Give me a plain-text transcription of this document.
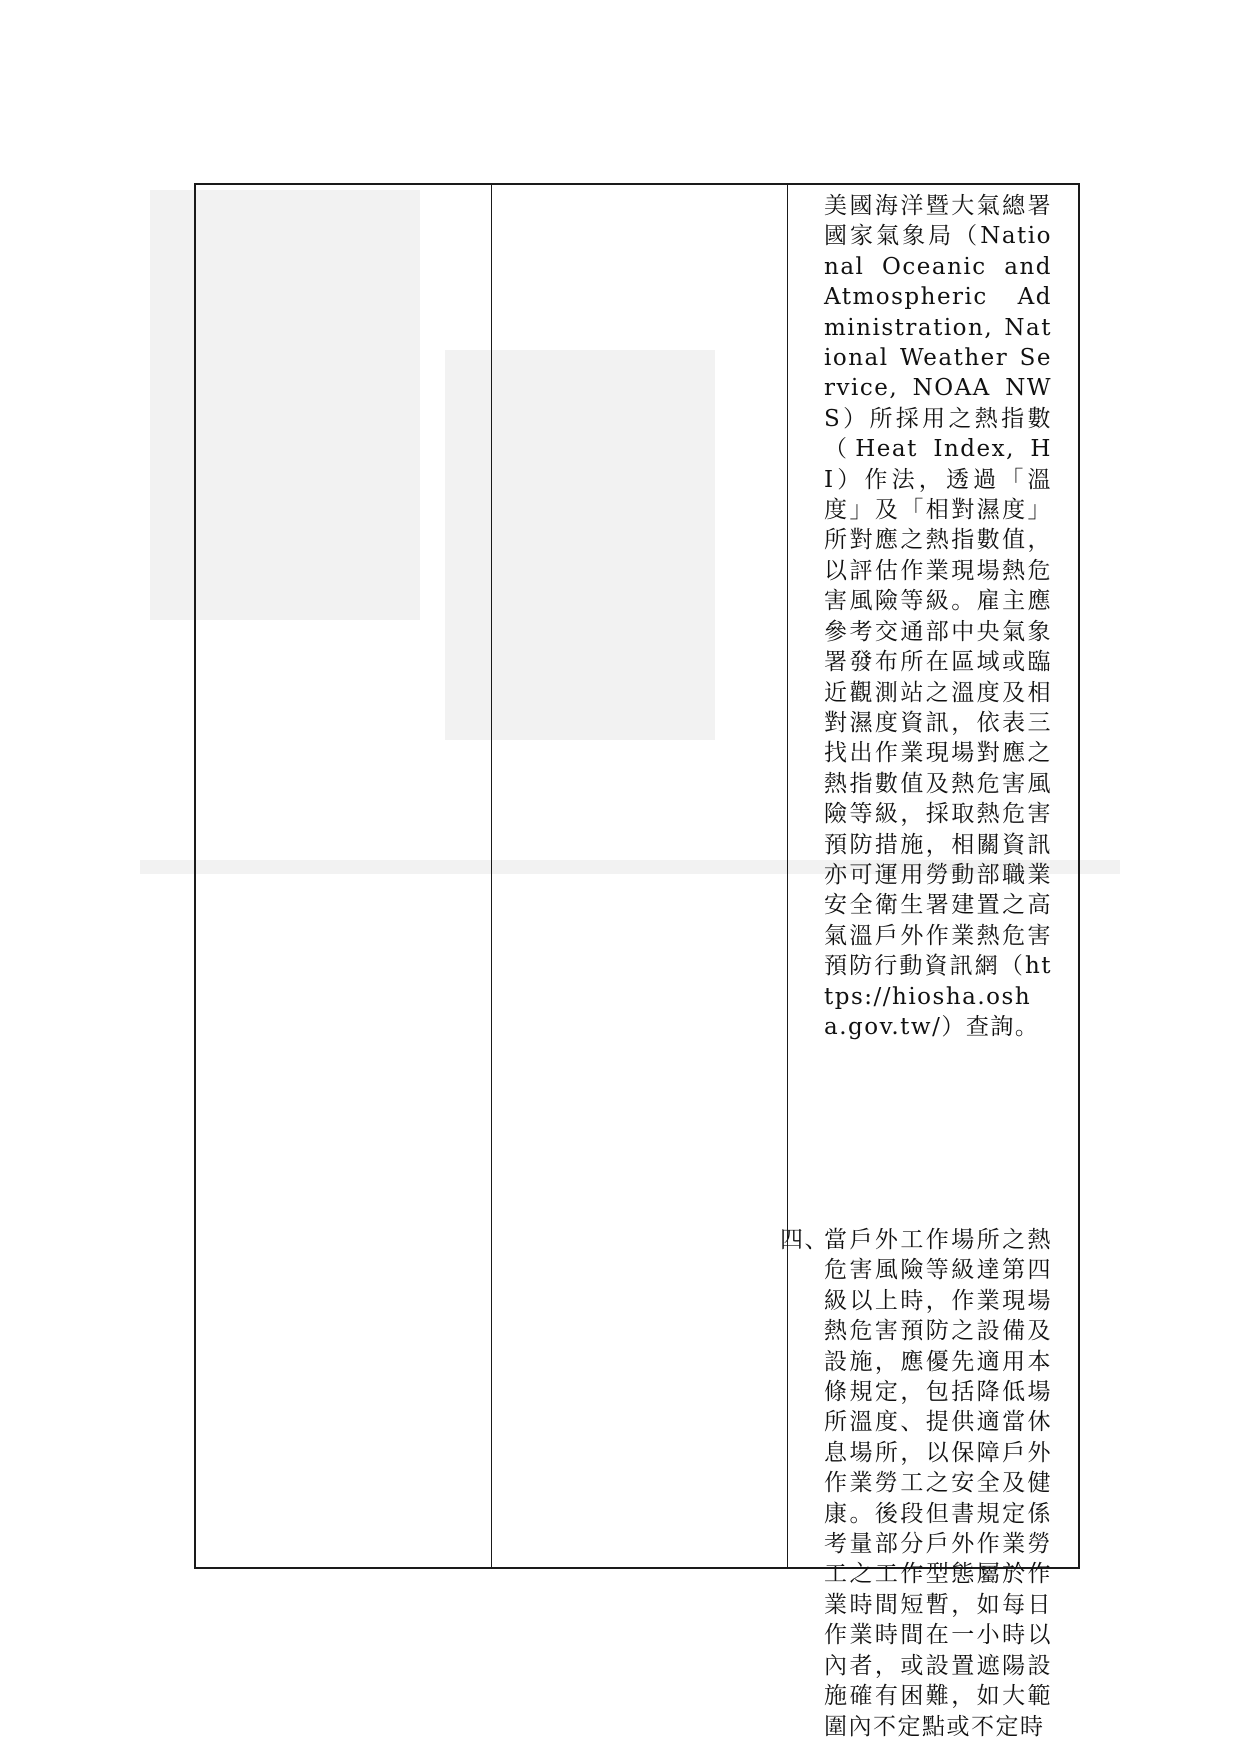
美國海洋暨大氣總署國家氣象局（National Oceanic and Atmospheric Administration, National Weather Service, NOAA NWS）所採用之熱指數（Heat Index, HI）作法，透過「溫度」及「相對濕度」所對應之熱指數值，以評估作業現場熱危害風險等級。雇主應參考交通部中央氣象署發布所在區域或臨近觀測站之溫度及相對濕度資訊，依表三找出作業現場對應之熱指數值及熱危害風險等級，採取熱危害預防措施，相關資訊亦可運用勞動部職業安全衛生署建置之高氣溫戶外作業熱危害預防行動資訊網（https://hiosha.osha.gov.tw/）查詢。
四、
當戶外工作場所之熱危害風險等級達第四級以上時，作業現場熱危害預防之設備及設施，應優先適用本條規定，包括降低場所溫度、提供適當休息場所，以保障戶外作業勞工之安全及健康。後段但書規定係考量部分戶外作業勞工之工作型態屬於作業時間短暫，如每日作業時間在一小時以內者，或設置遮陽設施確有困難，如大範圍內不定點或不定時
